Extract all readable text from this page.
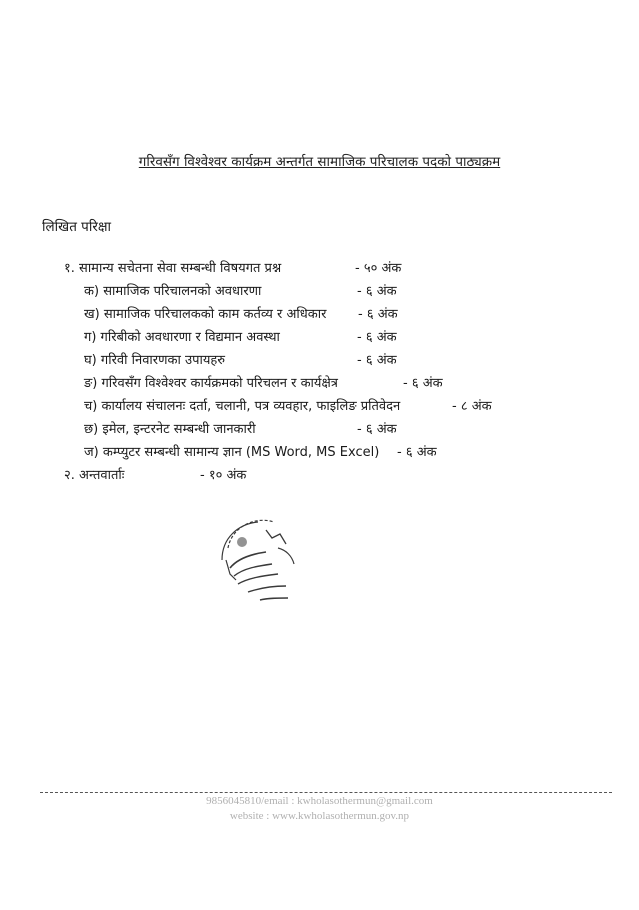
गरिवसँग विश्वेश्वर कार्यक्रम अन्तर्गत सामाजिक परिचालक पदको पाठ्यक्रम
लिखित परिक्षा
१. सामान्य सचेतना सेवा सम्बन्धी विषयगत प्रश्न	- ५० अंक
क) सामाजिक परिचालनको अवधारणा	- ६ अंक
ख) सामाजिक परिचालकको काम कर्तव्य र अधिकार - ६ अंक
ग) गरिबीको अवधारणा र विद्यमान अवस्था	- ६ अंक
घ) गरिवी निवारणका उपायहरु	- ६ अंक
ङ) गरिवसँग विश्वेश्वर कार्यक्रमको परिचलन र कार्यक्षेत्र	- ६ अंक
च) कार्यालय संचालनः दर्ता, चलानी, पत्र व्यवहार, फाइलिङ प्रतिवेदन	- ८ अंक
छ) इमेल, इन्टरनेट सम्बन्धी जानकारी	- ६ अंक
ज) कम्प्युटर सम्बन्धी सामान्य ज्ञान (MS Word, MS Excel) - ६ अंक
२. अन्तवार्ताः	- १० अंक
9856045810/email : kwholasothermun@gmail.com
website : www.kwholasothermun.gov.np
